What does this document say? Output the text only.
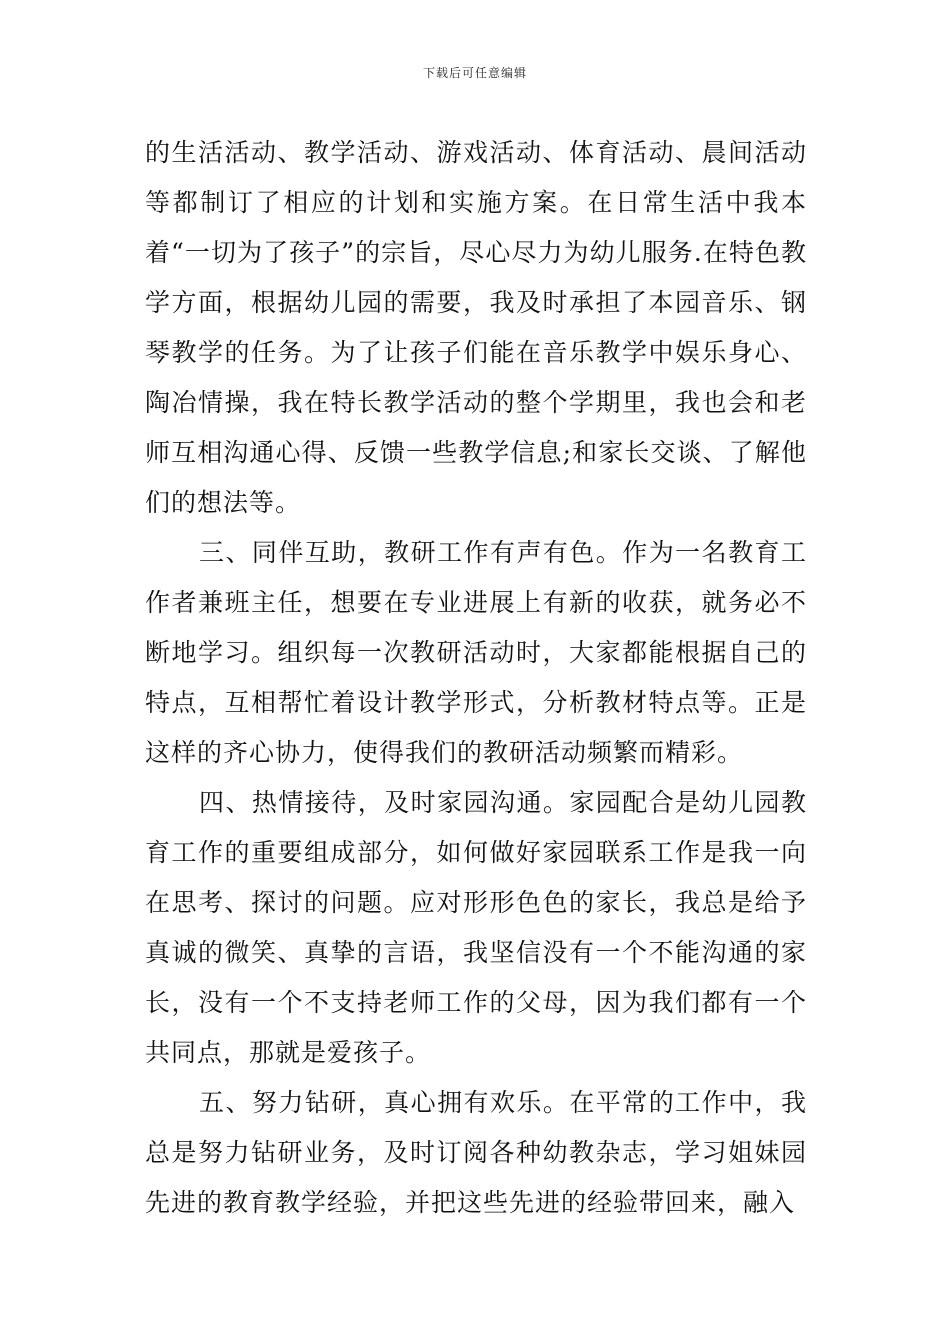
下载后可任意编辑

的生活活动、教学活动、游戏活动、体育活动、晨间活动等都制订了相应的计划和实施方案。在日常生活中我本着“一切为了孩子”的宗旨，尽心尽力为幼儿服务.在特色教学方面，根据幼儿园的需要，我及时承担了本园音乐、钢琴教学的任务。为了让孩子们能在音乐教学中娱乐身心、陶冶情操，我在特长教学活动的整个学期里，我也会和老师互相沟通心得、反馈一些教学信息;和家长交谈、了解他们的想法等。

三、同伴互助，教研工作有声有色。作为一名教育工作者兼班主任，想要在专业进展上有新的收获，就务必不断地学习。组织每一次教研活动时，大家都能根据自己的特点，互相帮忙着设计教学形式，分析教材特点等。正是这样的齐心协力，使得我们的教研活动频繁而精彩。

四、热情接待，及时家园沟通。家园配合是幼儿园教育工作的重要组成部分，如何做好家园联系工作是我一向在思考、探讨的问题。应对形形色色的家长，我总是给予真诚的微笑、真挚的言语，我坚信没有一个不能沟通的家长，没有一个不支持老师工作的父母，因为我们都有一个共同点，那就是爱孩子。

五、努力钻研，真心拥有欢乐。在平常的工作中，我总是努力钻研业务，及时订阅各种幼教杂志，学习姐妹园先进的教育教学经验，并把这些先进的经验带回来，融入
